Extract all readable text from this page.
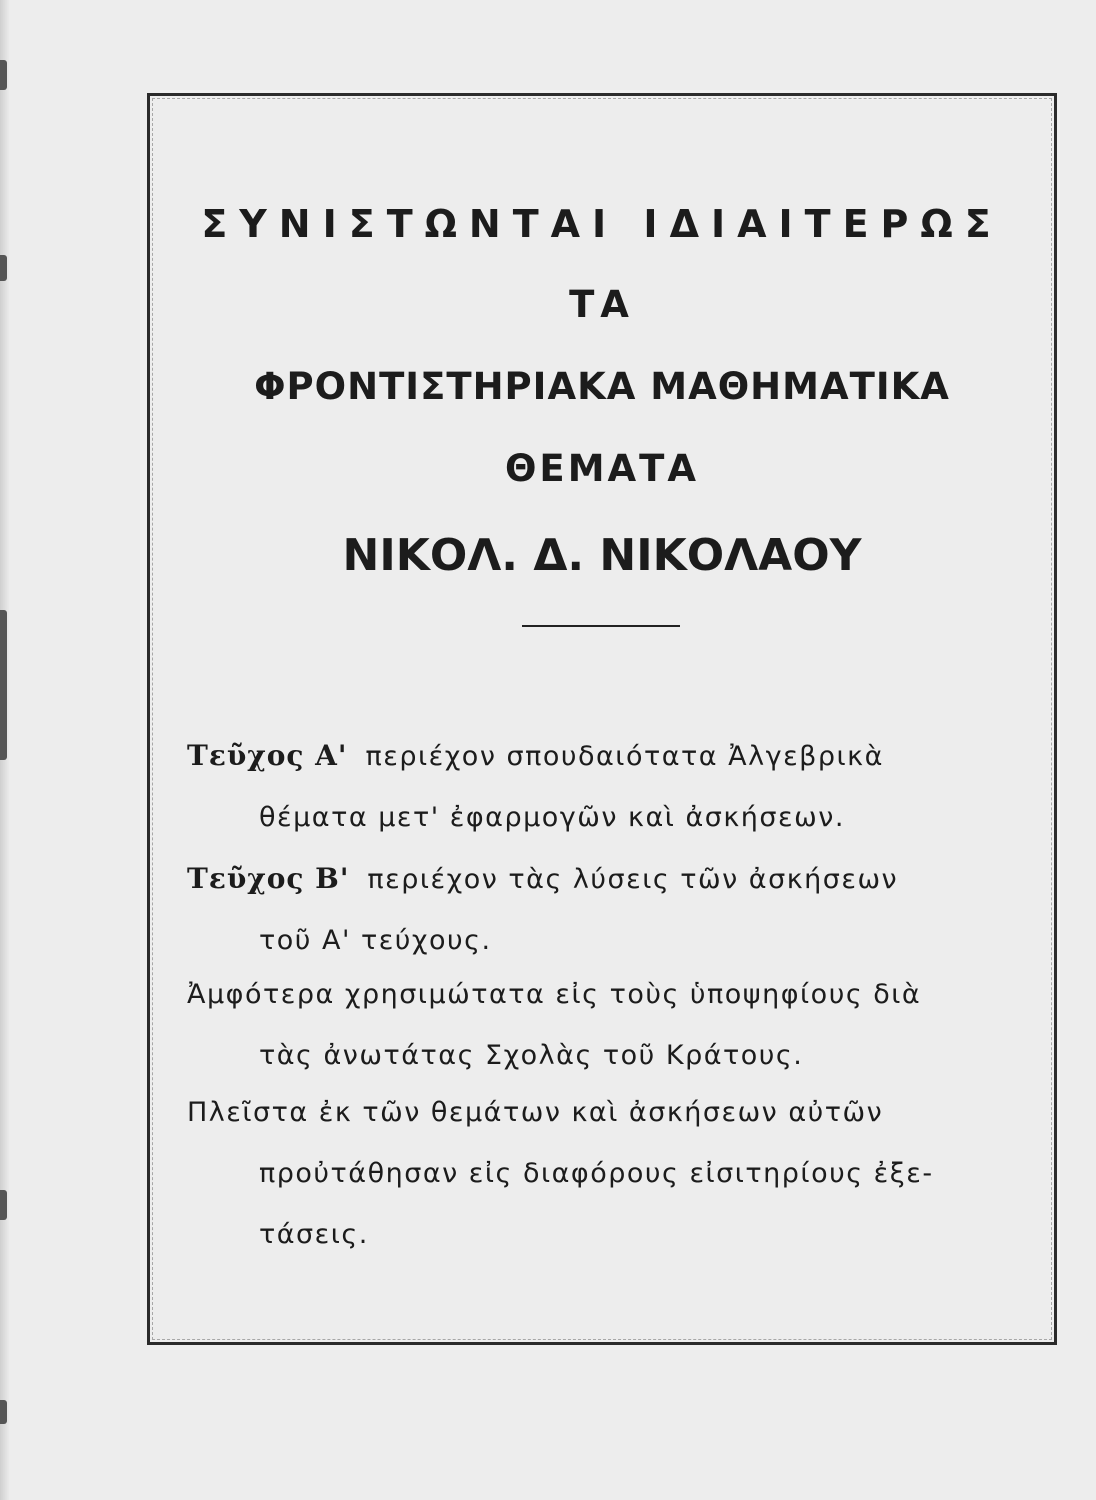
ΣΥΝΙΣΤΩΝΤΑΙ ΙΔΙΑΙΤΕΡΩΣ
ΤΑ
ΦΡΟΝΤΙΣΤΗΡΙΑΚΑ ΜΑΘΗΜΑΤΙΚΑ
ΘΕΜΑΤΑ
ΝΙΚΟΛ. Δ. ΝΙΚΟΛΑΟΥ

Τεῦχος Α' περιέχον σπουδαιότατα Ἀλγεβρικὰ
θέματα μετ' ἐφαρμογῶν καὶ ἀσκήσεων.

Τεῦχος Β' περιέχον τὰς λύσεις τῶν ἀσκήσεων
τοῦ Α' τεύχους.

Ἀμφότερα χρησιμώτατα εἰς τοὺς ὑποψηφίους διὰ
τὰς ἀνωτάτας Σχολὰς τοῦ Κράτους.

Πλεῖστα ἐκ τῶν θεμάτων καὶ ἀσκήσεων αὐτῶν
προὐτάθησαν εἰς διαφόρους εἰσιτηρίους ἐξε-
τάσεις.
